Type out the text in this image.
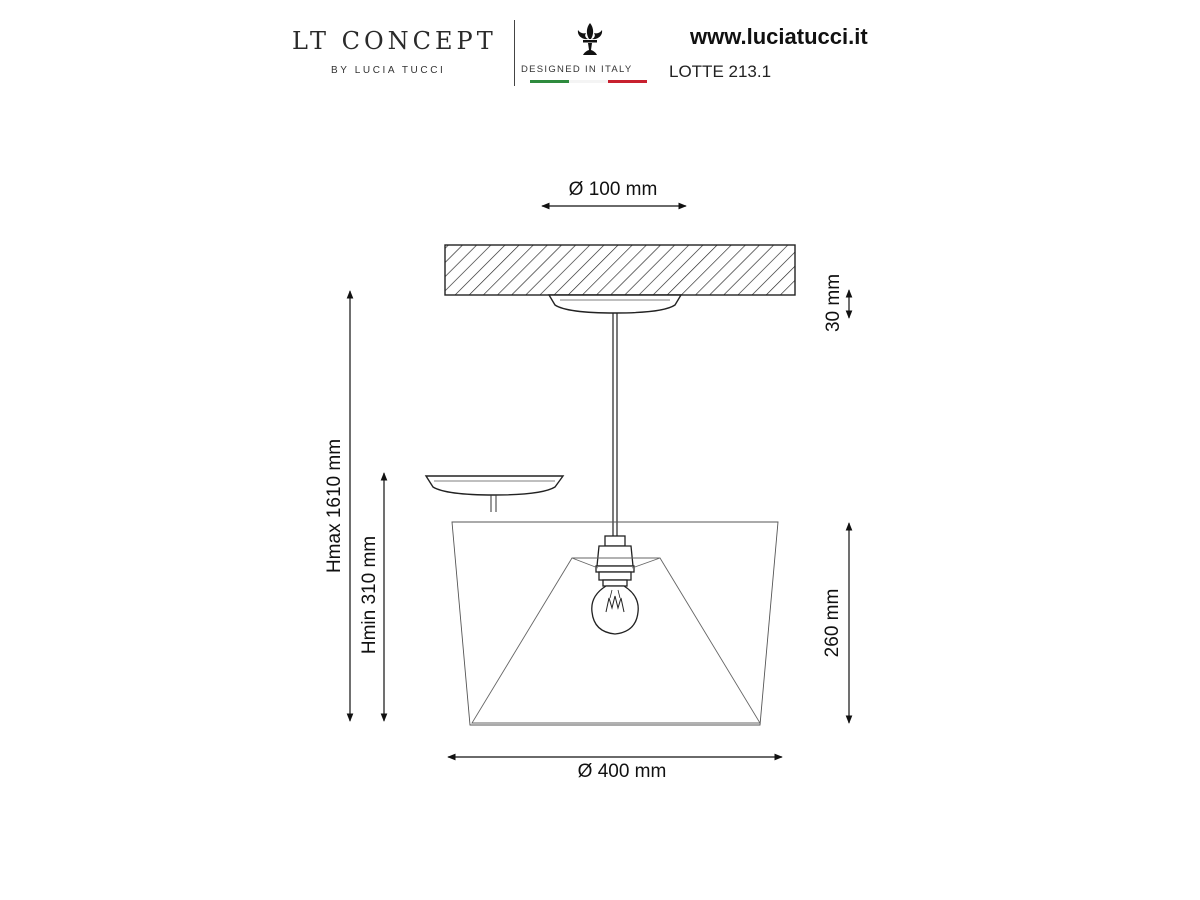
LT CONCEPT
BY LUCIA TUCCI	DESIGNED IN ITALY
www.luciatucci.it
LOTTE 213.1
Ø 100 mm
30 mm
Hmax 1610 mm
Hmin 310 mm	260 mm
Ø 400 mm
